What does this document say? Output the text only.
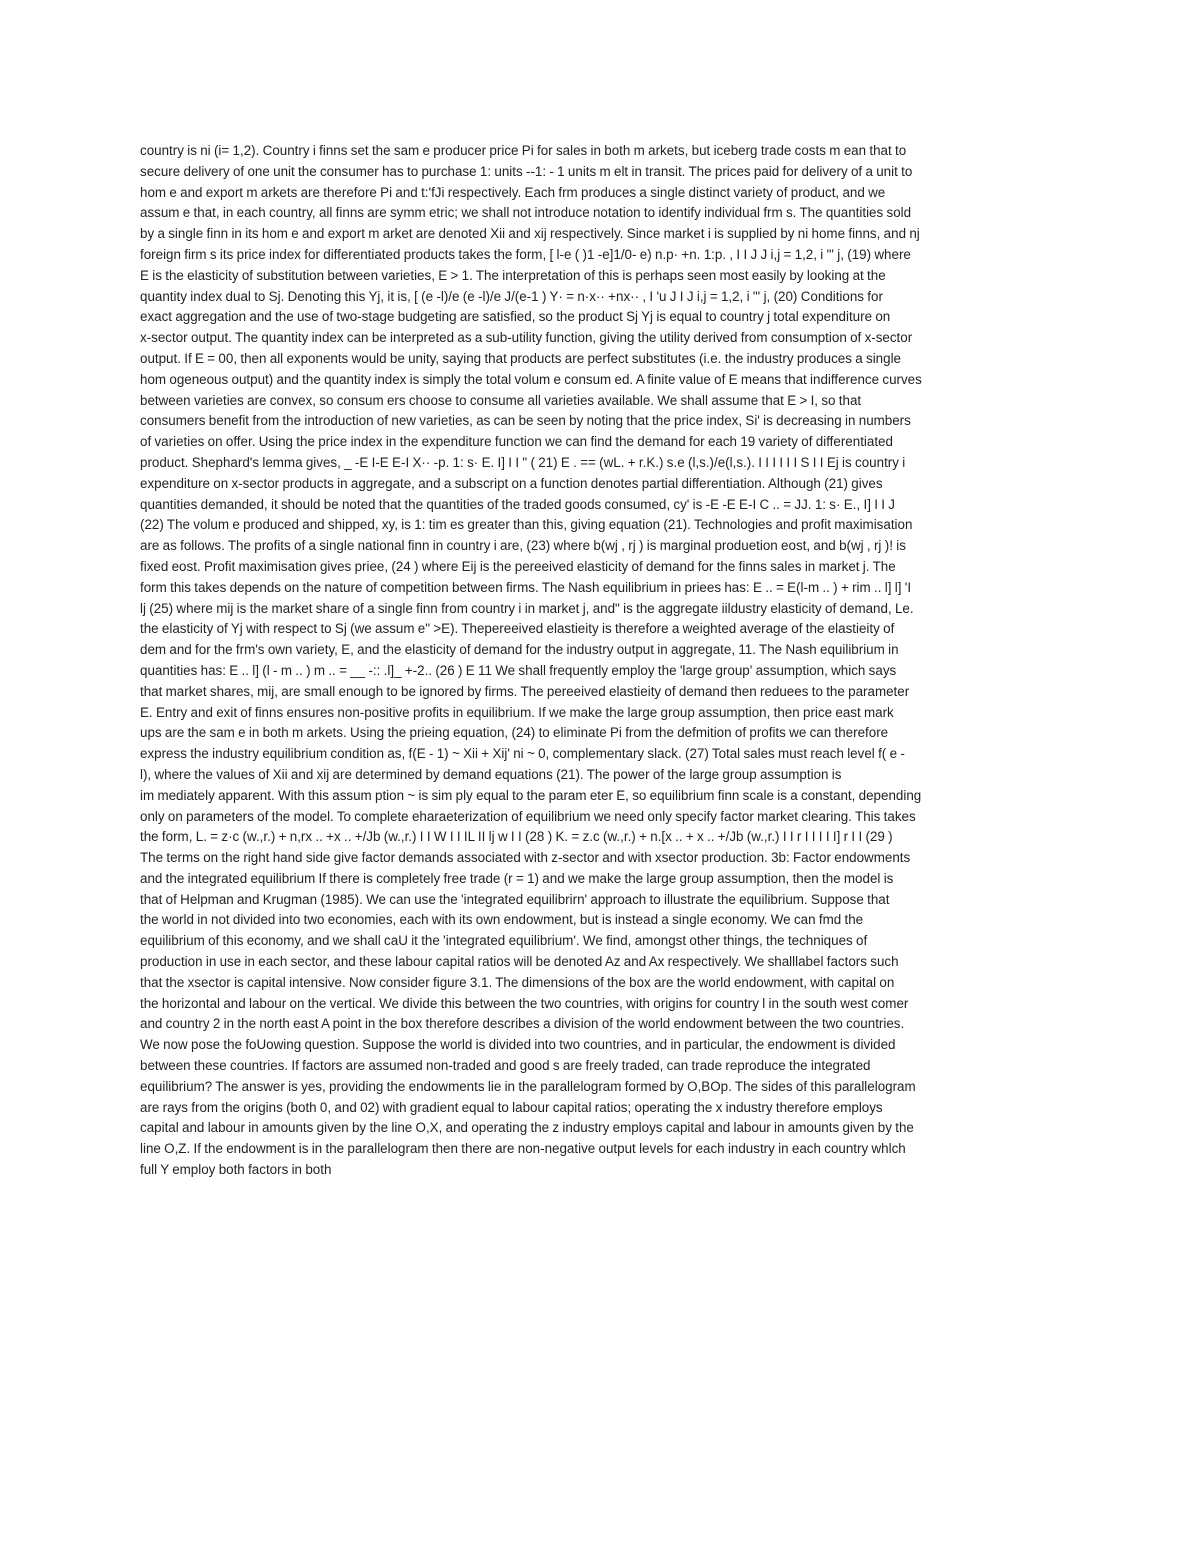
country is ni (i= 1,2). Country i finns set the sam e producer price Pi for sales in both m arkets, but iceberg trade costs m ean that to
secure delivery of one unit the consumer has to purchase 1: units --1: - 1 units m elt in transit. The prices paid for delivery of a unit to
hom e and export m arkets are therefore Pi and t:'fJi respectively. Each frm produces a single distinct variety of product, and we
assum e that, in each country, all finns are symm etric; we shall not introduce notation to identify individual frm s. The quantities sold
by a single finn in its hom e and export m arket are denoted Xii and xij respectively. Since market i is supplied by ni home finns, and nj
foreign firm s its price index for differentiated products takes the form, [ l-e ( )1 -e]1/0- e) n.p· +n. 1:p. , I I J J i,j = 1,2, i "' j, (19) where
E is the elasticity of substitution between varieties, E > 1. The interpretation of this is perhaps seen most easily by looking at the
quantity index dual to Sj. Denoting this Yj, it is, [ (e -l)/e (e -l)/e J/(e-1 ) Y· = n·x·· +nx·· , I 'u J I J i,j = 1,2, i "' j, (20) Conditions for
exact aggregation and the use of two-stage budgeting are satisfied, so the product Sj Yj is equal to country j total expenditure on
x-sector output. The quantity index can be interpreted as a sub-utility function, giving the utility derived from consumption of x-sector
output. If E = 00, then all exponents would be unity, saying that products are perfect substitutes (i.e. the industry produces a single
hom ogeneous output) and the quantity index is simply the total volum e consum ed. A finite value of E means that indifference curves
between varieties are convex, so consum ers choose to consume all varieties available. We shall assume that E > I, so that
consumers benefit from the introduction of new varieties, as can be seen by noting that the price index, Si' is decreasing in numbers
of varieties on offer. Using the price index in the expenditure function we can find the demand for each 19 variety of differentiated
product. Shephard's lemma gives, _ -E I-E E-I X·· -p. 1: s· E. I] I I " ( 21) E . == (wL. + r.K.) s.e (l,s.)/e(l,s.). I I I I I I S I I Ej is country i
expenditure on x-sector products in aggregate, and a subscript on a function denotes partial differentiation. Although (21) gives
quantities demanded, it should be noted that the quantities of the traded goods consumed, cy' is -E -E E-I C .. = JJ. 1: s· E., I] I I J
(22) The volum e produced and shipped, xy, is 1: tim es greater than this, giving equation (21). Technologies and profit maximisation
are as follows. The profits of a single national finn in country i are, (23) where b(wj , rj ) is marginal produetion eost, and b(wj , rj )! is
fixed eost. Profit maximisation gives priee, (24 ) where Eij is the pereeived elasticity of demand for the finns sales in market j. The
form this takes depends on the nature of competition between firms. The Nash equilibrium in priees has: E .. = E(l-m .. ) + rim .. l] l] 'I
lj (25) where mij is the market share of a single finn from country i in market j, and" is the aggregate iildustry elasticity of demand, Le.
the elasticity of Yj with respect to Sj (we assum e" >E). Thepereeived elastieity is therefore a weighted average of the elastieity of
dem and for the frm's own variety, E, and the elasticity of demand for the industry output in aggregate, 11. The Nash equilibrium in
quantities has: E .. l] (l - m .. ) m .. = __ -:: .l]_ +-2.. (26 ) E 11 We shall frequently employ the 'large group' assumption, which says
that market shares, mij, are small enough to be ignored by firms. The pereeived elastieity of demand then reduees to the parameter
E. Entry and exit of finns ensures non-positive profits in equilibrium. If we make the large group assumption, then price east mark
ups are the sam e in both m arkets. Using the prieing equation, (24) to eliminate Pi from the defmition of profits we can therefore
express the industry equilibrium condition as, f(E - 1) ~ Xii + Xij' ni ~ 0, complementary slack. (27) Total sales must reach level f( e -
l), where the values of Xii and xij are determined by demand equations (21). The power of the large group assumption is
im mediately apparent. With this assum ption ~ is sim ply equal to the param eter E, so equilibrium finn scale is a constant, depending
only on parameters of the model. To complete eharaeterization of equilibrium we need only specify factor market clearing. This takes
the form, L. = z·c (w.,r.) + n,rx .. +x .. +/Jb (w.,r.) I I W I I IL II lj w I I (28 ) K. = z.c (w.,r.) + n.[x .. + x .. +/Jb (w.,r.) I I r I I I I I] r I I (29 )
The terms on the right hand side give factor demands associated with z-sector and with xsector production. 3b: Factor endowments
and the integrated equilibrium If there is completely free trade (r = 1) and we make the large group assumption, then the model is
that of Helpman and Krugman (1985). We can use the 'integrated equilibrirn' approach to illustrate the equilibrium. Suppose that
the world in not divided into two economies, each with its own endowment, but is instead a single economy. We can fmd the
equilibrium of this economy, and we shall caU it the 'integrated equilibrium'. We find, amongst other things, the techniques of
production in use in each sector, and these labour capital ratios will be denoted Az and Ax respectively. We shalllabel factors such
that the xsector is capital intensive. Now consider figure 3.1. The dimensions of the box are the world endowment, with capital on
the horizontal and labour on the vertical. We divide this between the two countries, with origins for country l in the south west comer
and country 2 in the north east A point in the box therefore describes a division of the world endowment between the two countries.
We now pose the foUowing question. Suppose the world is divided into two countries, and in particular, the endowment is divided
between these countries. If factors are assumed non-traded and good s are freely traded, can trade reproduce the integrated
equilibrium? The answer is yes, providing the endowments lie in the parallelogram formed by O,BOp. The sides of this parallelogram
are rays from the origins (both 0, and 02) with gradient equal to labour capital ratios; operating the x industry therefore employs
capital and labour in amounts given by the line O,X, and operating the z industry employs capital and labour in amounts given by the
line O,Z. If the endowment is in the parallelogram then there are non-negative output levels for each industry in each country whlch
full Y employ both factors in both
